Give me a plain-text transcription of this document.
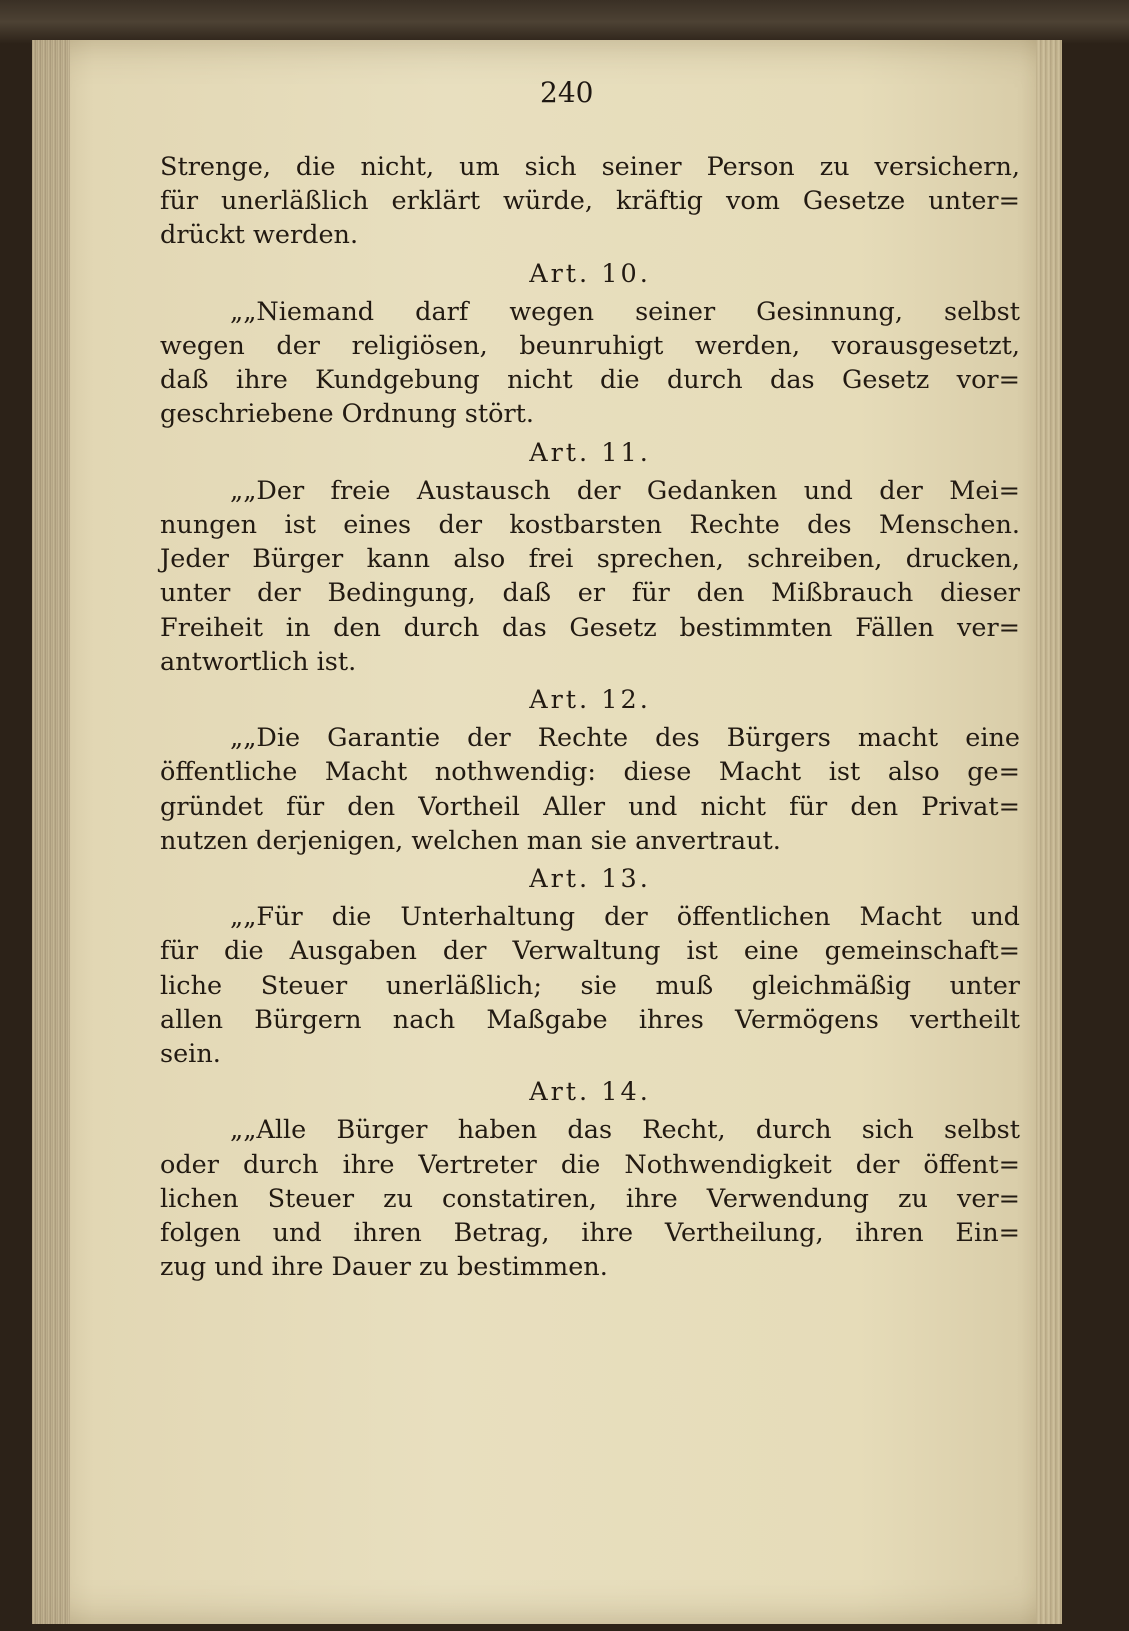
240
Strenge, die nicht, um sich seiner Person zu versichern,
für unerläßlich erklärt würde, kräftig vom Gesetze unter=
drückt werden.
Art. 10.
„„Niemand darf wegen seiner Gesinnung, selbst
wegen der religiösen, beunruhigt werden, vorausgesetzt,
daß ihre Kundgebung nicht die durch das Gesetz vor=
geschriebene Ordnung stört.
Art. 11.
„„Der freie Austausch der Gedanken und der Mei=
nungen ist eines der kostbarsten Rechte des Menschen.
Jeder Bürger kann also frei sprechen, schreiben, drucken,
unter der Bedingung, daß er für den Mißbrauch dieser
Freiheit in den durch das Gesetz bestimmten Fällen ver=
antwortlich ist.
Art. 12.
„„Die Garantie der Rechte des Bürgers macht eine
öffentliche Macht nothwendig: diese Macht ist also ge=
gründet für den Vortheil Aller und nicht für den Privat=
nutzen derjenigen, welchen man sie anvertraut.
Art. 13.
„„Für die Unterhaltung der öffentlichen Macht und
für die Ausgaben der Verwaltung ist eine gemeinschaft=
liche Steuer unerläßlich; sie muß gleichmäßig unter
allen Bürgern nach Maßgabe ihres Vermögens vertheilt
sein.
Art. 14.
„„Alle Bürger haben das Recht, durch sich selbst
oder durch ihre Vertreter die Nothwendigkeit der öffent=
lichen Steuer zu constatiren, ihre Verwendung zu ver=
folgen und ihren Betrag, ihre Vertheilung, ihren Ein=
zug und ihre Dauer zu bestimmen.
